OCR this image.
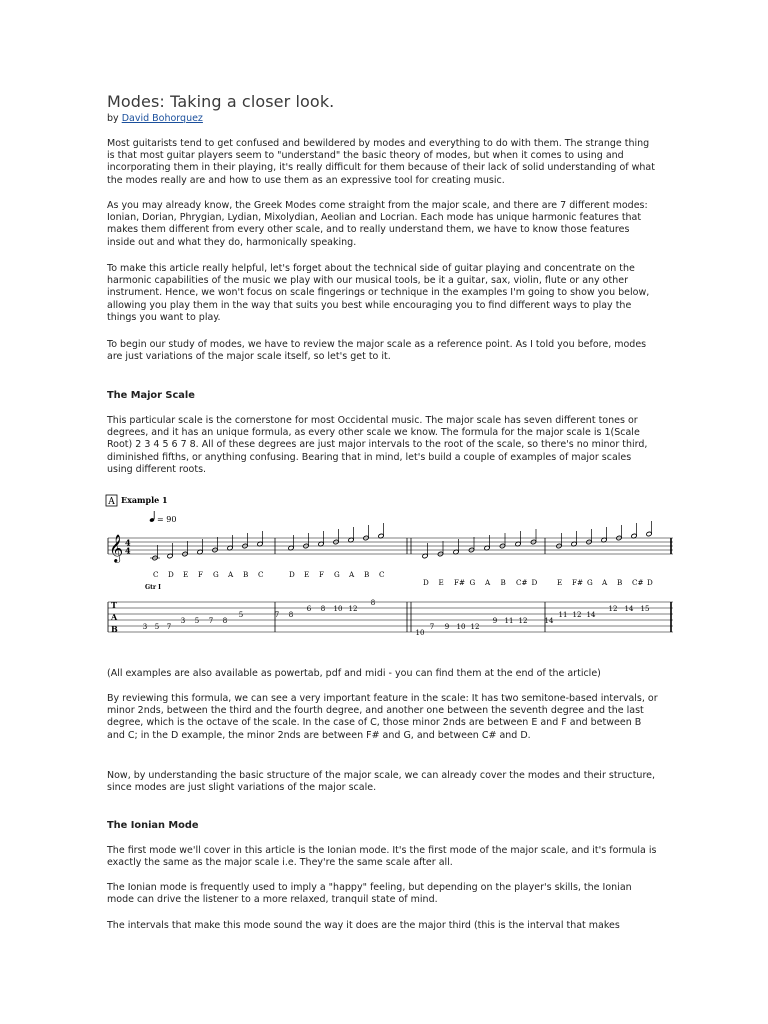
Modes: Taking a closer look.
by David Bohorquez

Most guitarists tend to get confused and bewildered by modes and everything to do with them. The strange thing is that most guitar players seem to "understand" the basic theory of modes, but when it comes to using and incorporating them in their playing, it's really difficult for them because of their lack of solid understanding of what the modes really are and how to use them as an expressive tool for creating music.

As you may already know, the Greek Modes come straight from the major scale, and there are 7 different modes: Ionian, Dorian, Phrygian, Lydian, Mixolydian, Aeolian and Locrian. Each mode has unique harmonic features that makes them different from every other scale, and to really understand them, we have to know those features inside out and what they do, harmonically speaking.

To make this article really helpful, let's forget about the technical side of guitar playing and concentrate on the harmonic capabilities of the music we play with our musical tools, be it a guitar, sax, violin, flute or any other instrument. Hence, we won't focus on scale fingerings or technique in the examples I'm going to show you below, allowing you play them in the way that suits you best while encouraging you to find different ways to play the things you want to play.

To begin our study of modes, we have to review the major scale as a reference point. As I told you before, modes are just variations of the major scale itself, so let's get to it.

The Major Scale

This particular scale is the cornerstone for most Occidental music. The major scale has seven different tones or degrees, and it has an unique formula, as every other scale we know. The formula for the major scale is 1(Scale Root) 2 3 4 5 6 7 8. All of these degrees are just major intervals to the root of the scale, so there's no minor third, diminished fifths, or anything confusing. Bearing that in mind, let's build a couple of examples of major scales using different roots.

A Example 1
= 90
𝄞 4
4
C D E F G A B C	D E F G A B C
D E F# G A B C# D	E F# G A B C# D
Gtr I
T
A
B	3 5 7
3 5 7 8
5	7 8
6 8 10 12
8
10
7 9 10 12
9 11 12 14
11 12 14
12 14 15

(All examples are also available as powertab, pdf and midi - you can find them at the end of the article)

By reviewing this formula, we can see a very important feature in the scale: It has two semitone-based intervals, or minor 2nds, between the third and the fourth degree, and another one between the seventh degree and the last degree, which is the octave of the scale. In the case of C, those minor 2nds are between E and F and between B and C; in the D example, the minor 2nds are between F# and G, and between C# and D.

Now, by understanding the basic structure of the major scale, we can already cover the modes and their structure, since modes are just slight variations of the major scale.

The Ionian Mode

The first mode we'll cover in this article is the Ionian mode. It's the first mode of the major scale, and it's formula is exactly the same as the major scale i.e. They're the same scale after all.

The Ionian mode is frequently used to imply a "happy" feeling, but depending on the player's skills, the Ionian mode can drive the listener to a more relaxed, tranquil state of mind.

The intervals that make this mode sound the way it does are the major third (this is the interval that makes
